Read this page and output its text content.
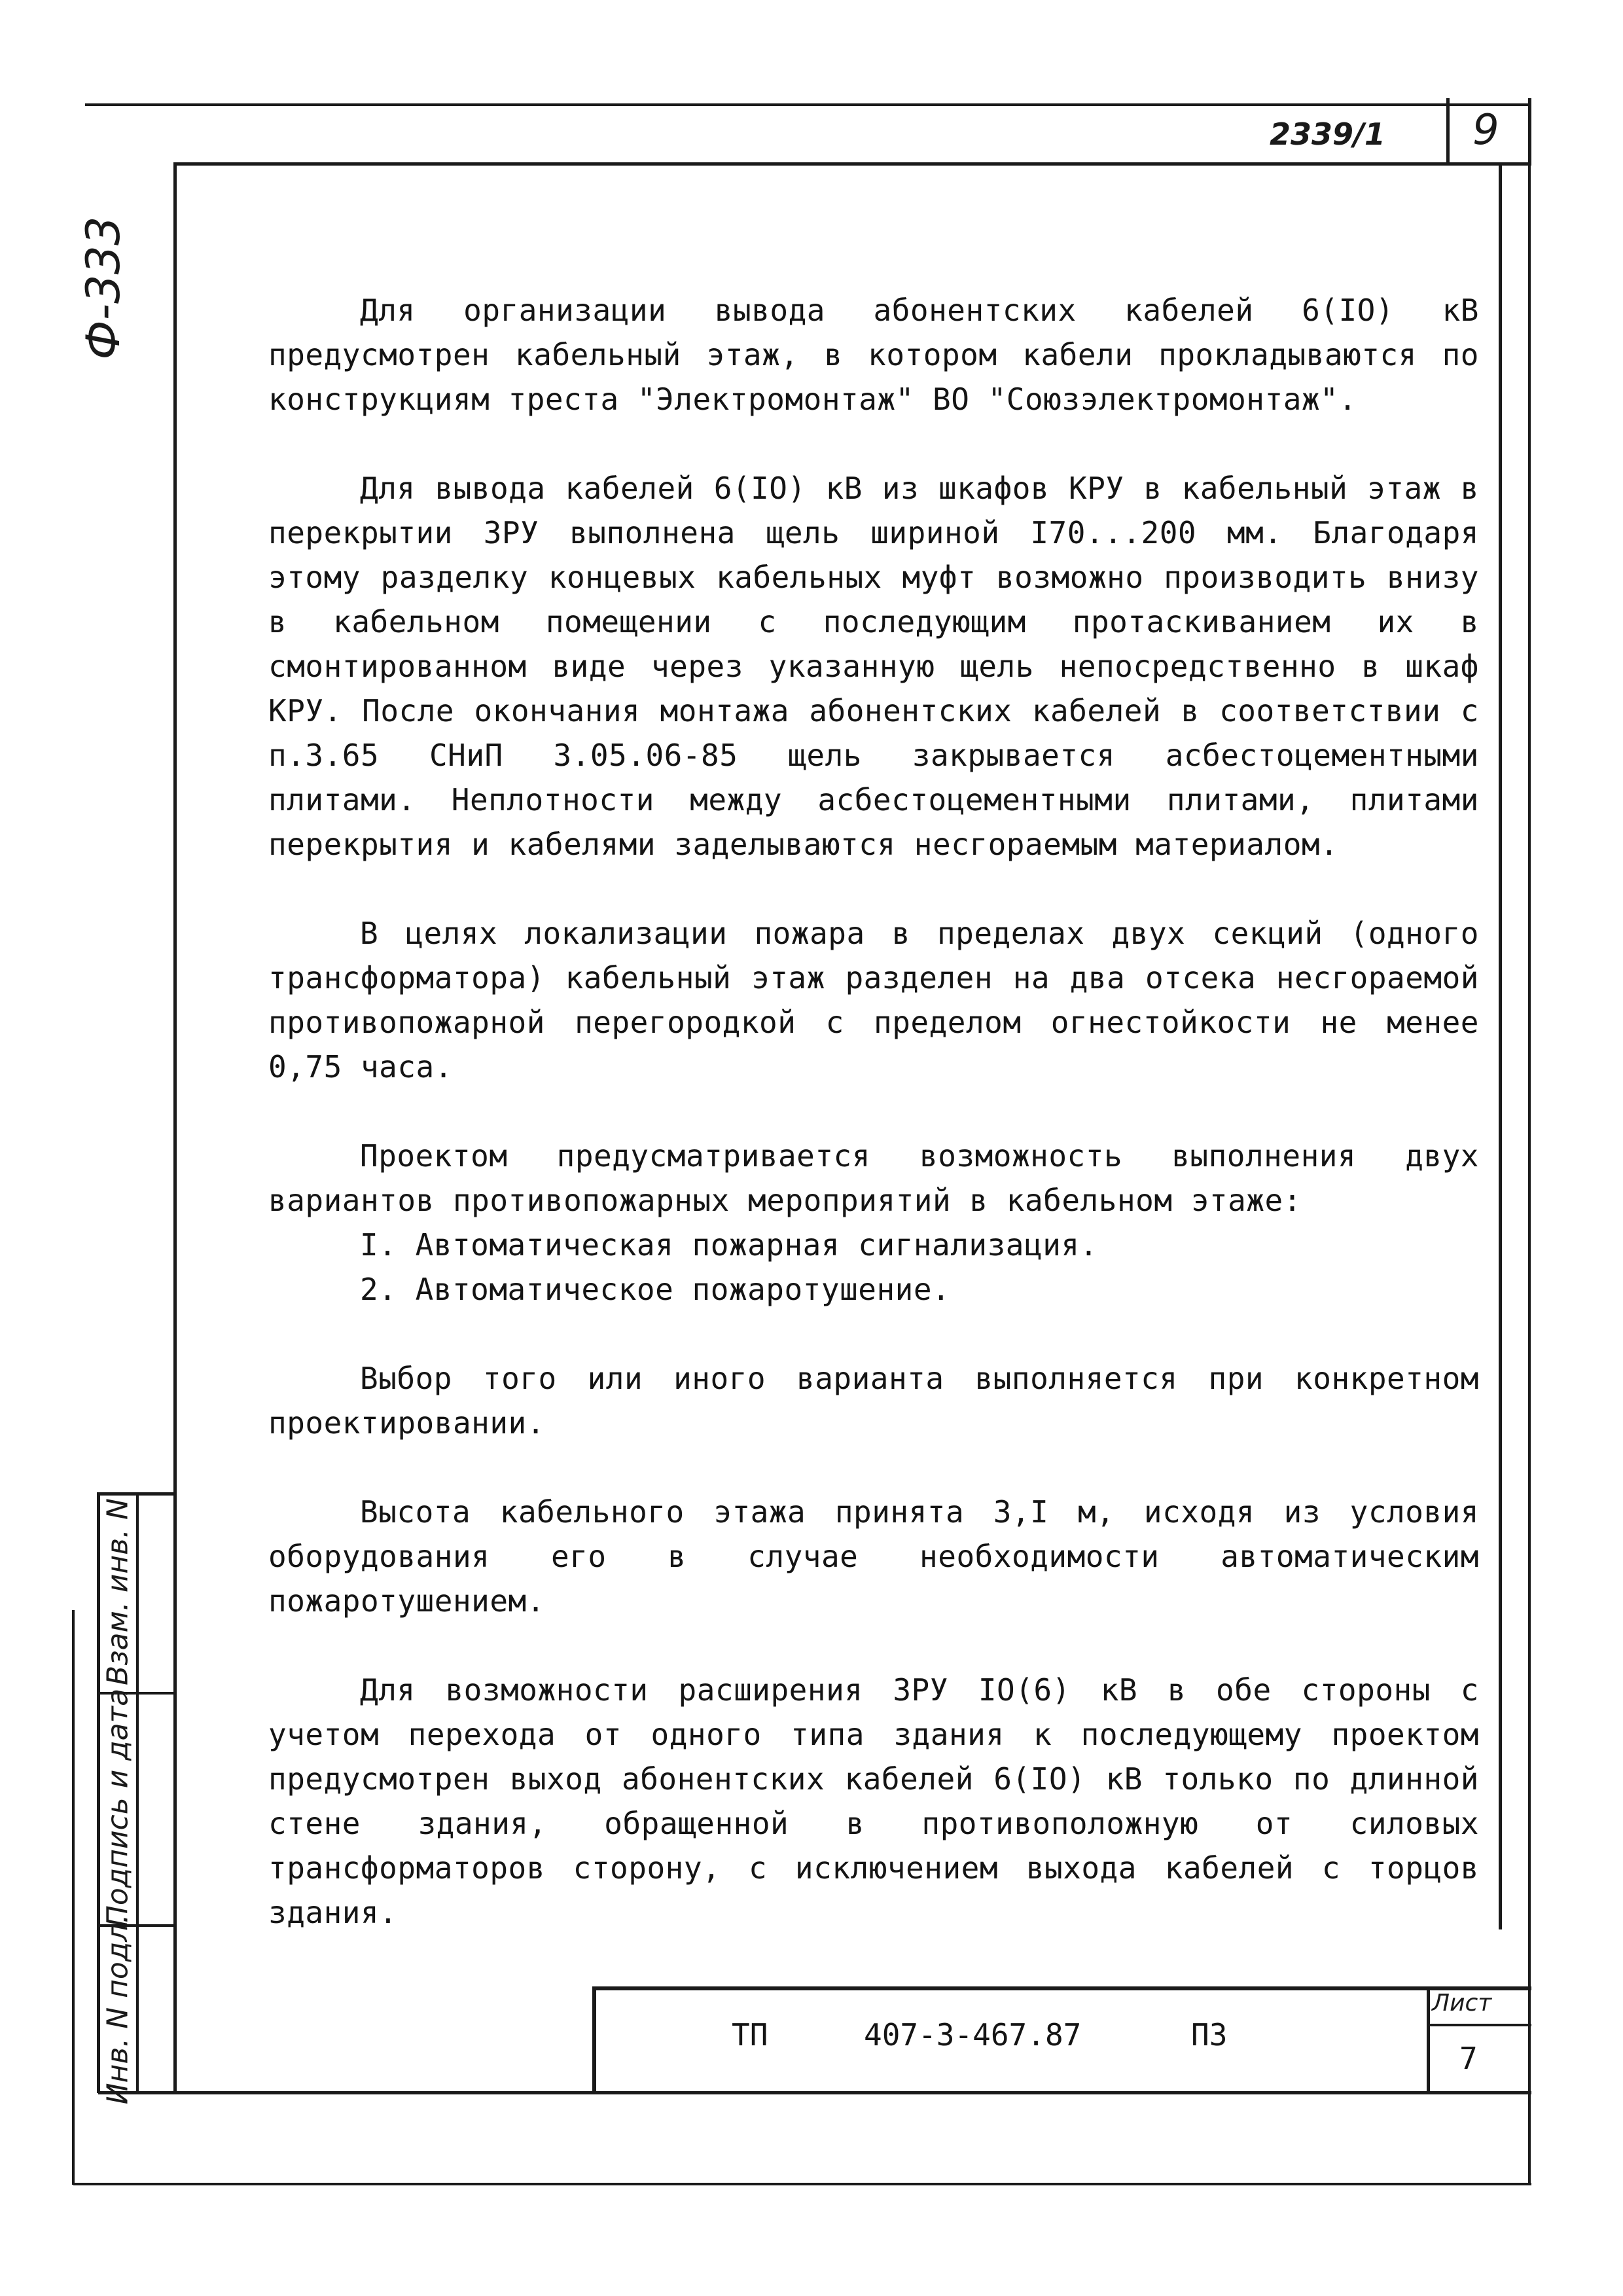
2339/1 9
Ф-333
Инв. N подл.
Подпись и дата
Взам. инв. N

Для организации вывода абонентских кабелей 6(IO) кВ предусмотрен кабельный этаж, в котором кабели прокладываются по конструкциям треста "Электромонтаж" ВО "Союзэлектромонтаж".

Для вывода кабелей 6(IO) кВ из шкафов КРУ в кабельный этаж в перекрытии ЗРУ выполнена щель шириной I70...200 мм. Благодаря этому разделку концевых кабельных муфт возможно производить внизу в кабельном помещении с последующим протаскиванием их в смонтированном виде через указанную щель непосредственно в шкаф КРУ. После окончания монтажа абонентских кабелей в соответствии с п.3.65 СНиП 3.05.06-85 щель закрывается асбестоцементными плитами. Неплотности между асбестоцементными плитами, плитами перекрытия и кабелями заделываются несгораемым материалом.

В целях локализации пожара в пределах двух секций (одного трансформатора) кабельный этаж разделен на два отсека несгораемой противопожарной перегородкой с пределом огнестойкости не менее 0,75 часа.

Проектом предусматривается возможность выполнения двух вариантов противопожарных мероприятий в кабельном этаже:

I. Автоматическая пожарная сигнализация.

2. Автоматическое пожаротушение.

Выбор того или иного варианта выполняется при конкретном проектировании.

Высота кабельного этажа принята 3,I м, исходя из условия оборудования его в случае необходимости автоматическим пожаротушением.

Для возможности расширения ЗРУ IO(6) кВ в обе стороны с учетом перехода от одного типа здания к последующему проектом предусмотрен выход абонентских кабелей 6(IO) кВ только по длинной стене здания, обращенной в противоположную от силовых трансформаторов сторону, с исключением выхода кабелей с торцов здания.

ТП	407-3-467.87	ПЗ
Лист
7
